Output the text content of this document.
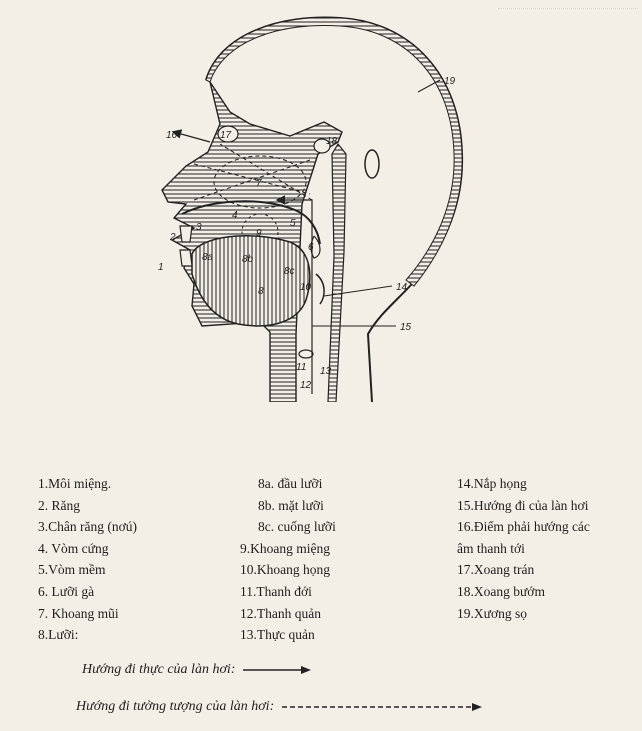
19
17
18
16
7
3
4
5
9
6
2
1
8a	8b
8c
8	10	14
15
11
12
13
1.Môi miệng.
2. Răng
3.Chân răng (nơú)
4. Vòm cứng
5.Vòm mềm
6. Lưỡi gà
7. Khoang mũi
8.Lưỡi:
8a. đầu lưỡi
8b. mặt lưỡi
8c. cuống lưỡi
9.Khoang miệng
10.Khoang họng
11.Thanh đới
12.Thanh quản
13.Thực quản
14.Nắp họng
15.Hướng đi của làn hơi
16.Điểm phải hướng các
âm thanh tới
17.Xoang trán
18.Xoang bướm
19.Xương sọ
Hướng đi thực của làn hơi:
Hướng đi tưởng tượng của làn hơi:
